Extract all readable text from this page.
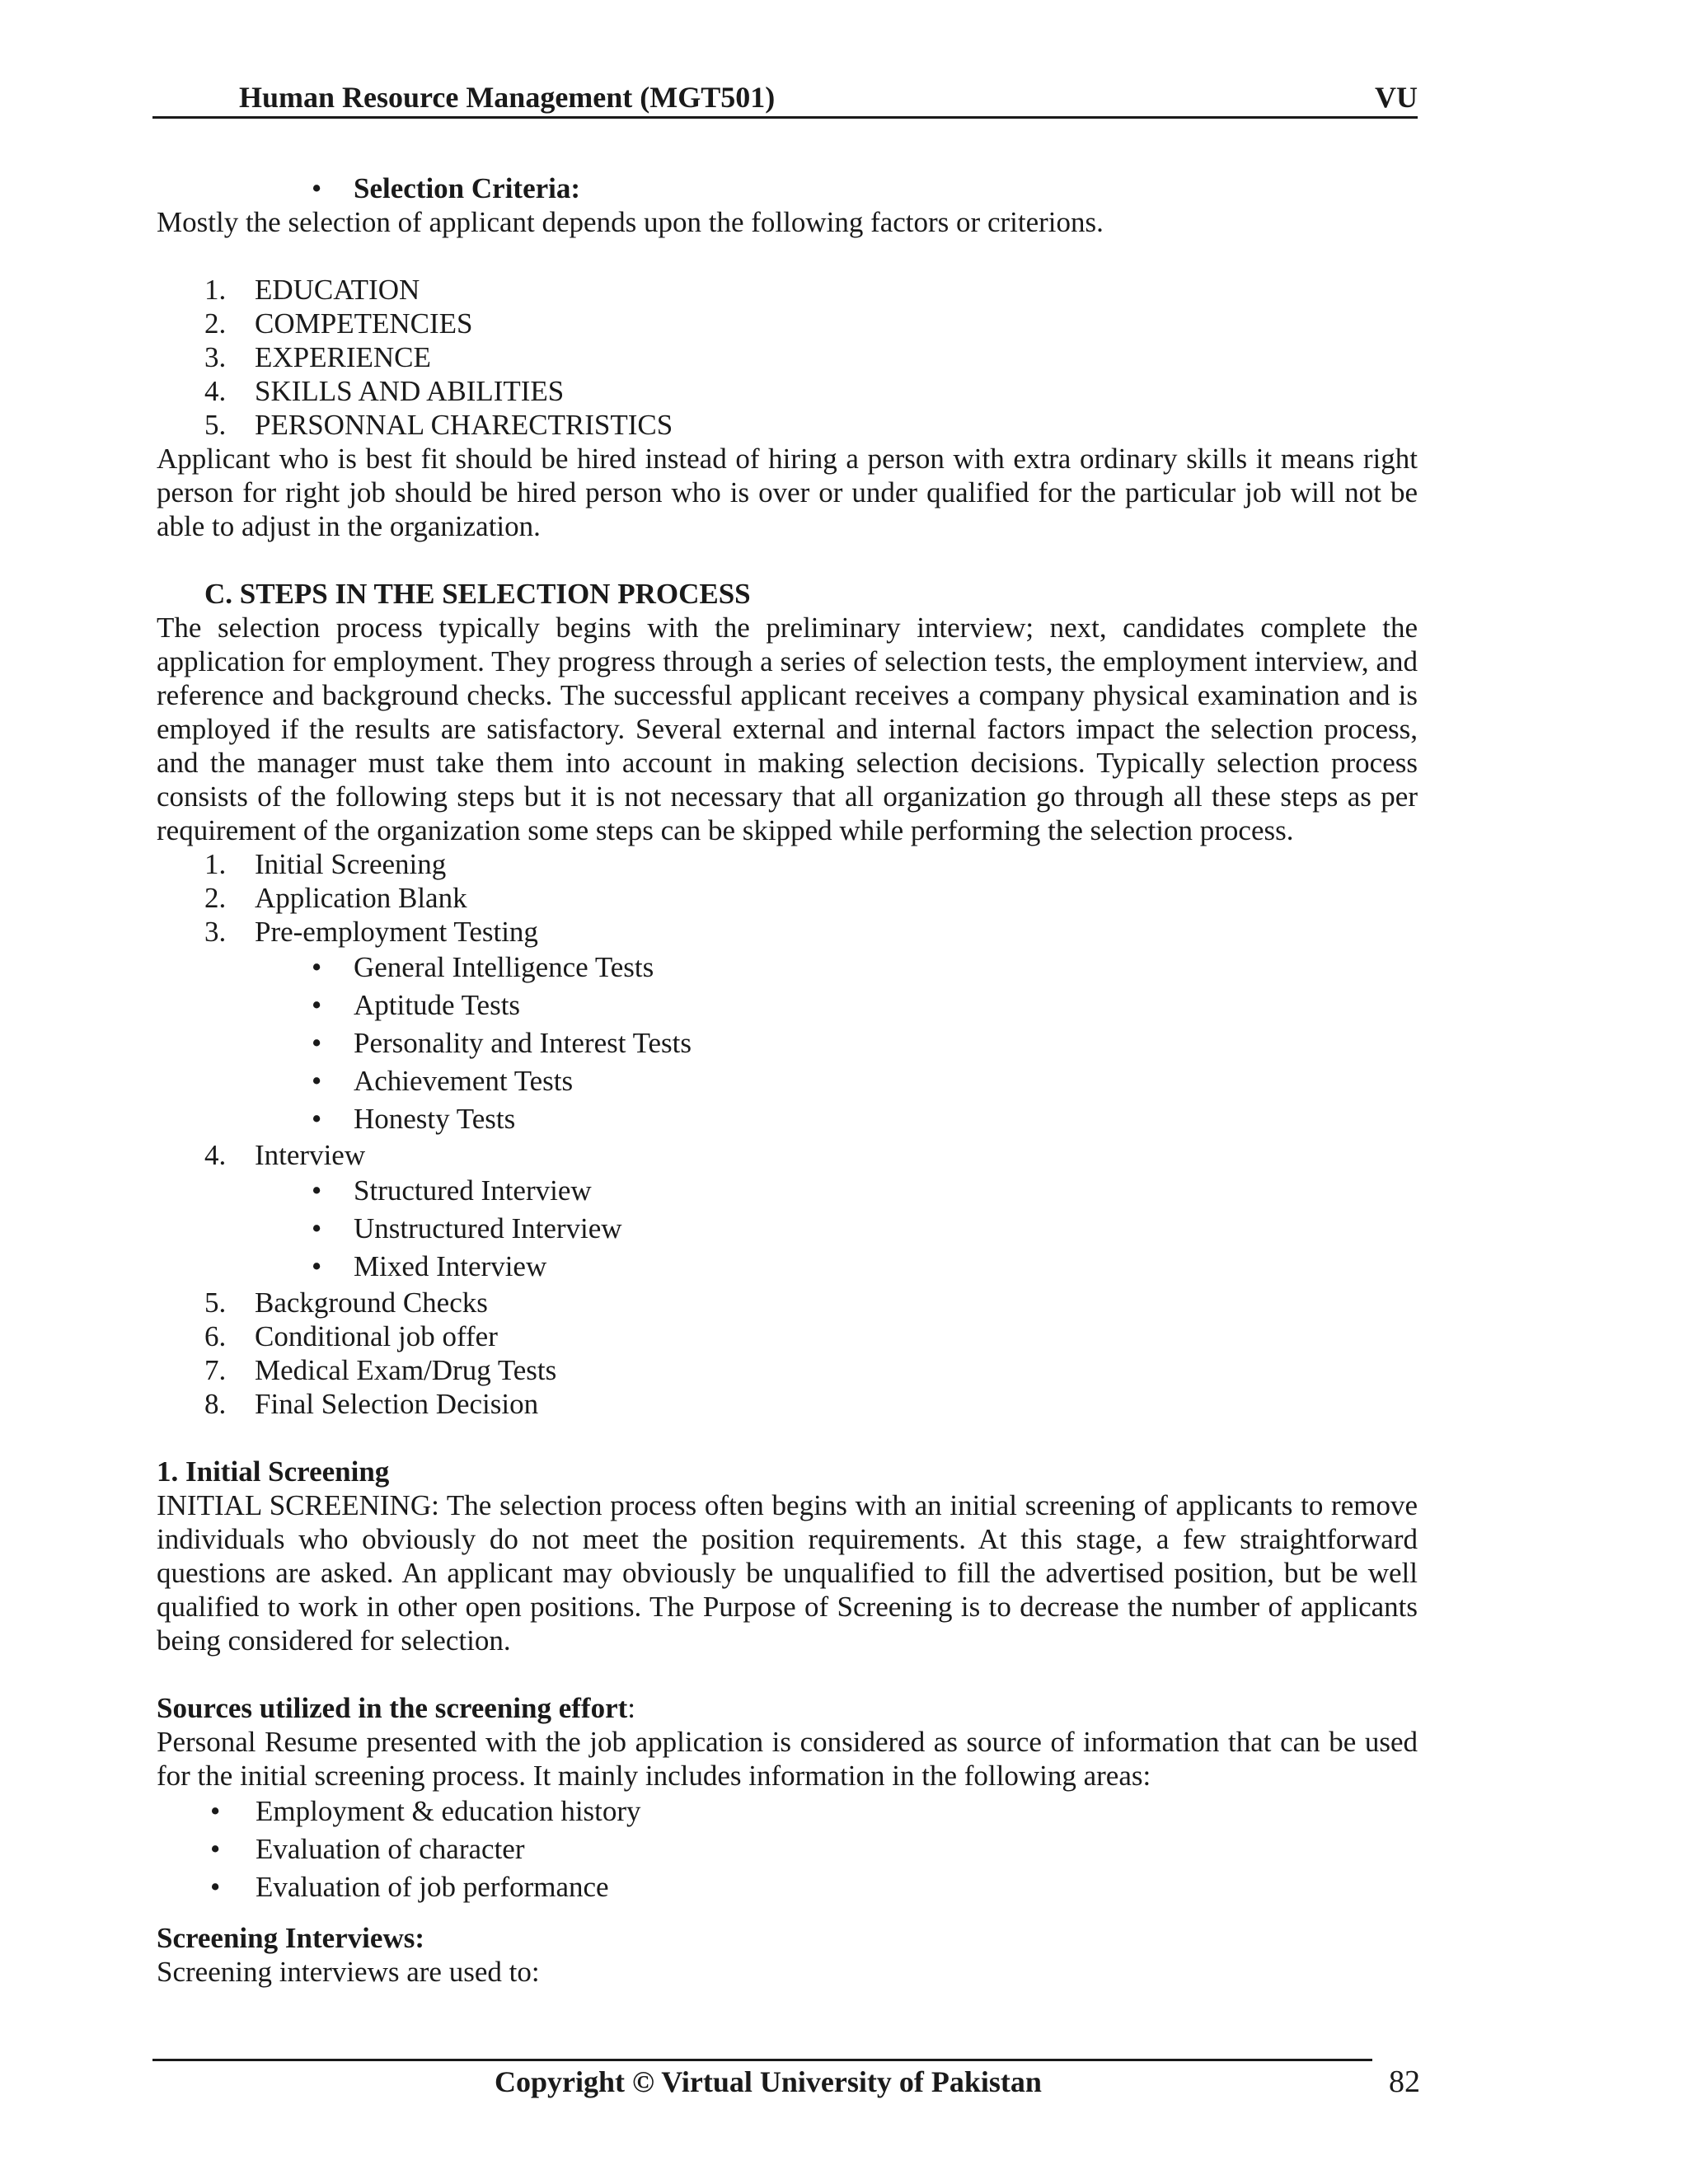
Human Resource Management (MGT501)	VU
• Selection Criteria:

Mostly the selection of applicant depends upon the following factors or criterions.

1. EDUCATION
2. COMPETENCIES
3. EXPERIENCE
4. SKILLS AND ABILITIES
5. PERSONNAL CHARECTRISTICS

Applicant who is best fit should be hired instead of hiring a person with extra ordinary skills it means right person for right job should be hired person who is over or under qualified for the particular job will not be able to adjust in the organization.

C. STEPS IN THE SELECTION PROCESS

The selection process typically begins with the preliminary interview; next, candidates complete the application for employment. They progress through a series of selection tests, the employment interview, and reference and background checks. The successful applicant receives a company physical examination and is employed if the results are satisfactory. Several external and internal factors impact the selection process, and the manager must take them into account in making selection decisions. Typically selection process consists of the following steps but it is not necessary that all organization go through all these steps as per requirement of the organization some steps can be skipped while performing the selection process.

1. Initial Screening
2. Application Blank
3. Pre-employment Testing
• General Intelligence Tests
• Aptitude Tests
• Personality and Interest Tests
• Achievement Tests
• Honesty Tests
4. Interview
• Structured Interview
• Unstructured Interview
• Mixed Interview
5. Background Checks
6. Conditional job offer
7. Medical Exam/Drug Tests
8. Final Selection Decision

1. Initial Screening

INITIAL SCREENING: The selection process often begins with an initial screening of applicants to remove individuals who obviously do not meet the position requirements. At this stage, a few straightforward questions are asked. An applicant may obviously be unqualified to fill the advertised position, but be well qualified to work in other open positions. The Purpose of Screening is to decrease the number of applicants being considered for selection.

Sources utilized in the screening effort:

Personal Resume presented with the job application is considered as source of information that can be used for the initial screening process. It mainly includes information in the following areas:

• Employment & education history
• Evaluation of character
• Evaluation of job performance

Screening Interviews:

Screening interviews are used to:

Copyright © Virtual University of Pakistan	82
